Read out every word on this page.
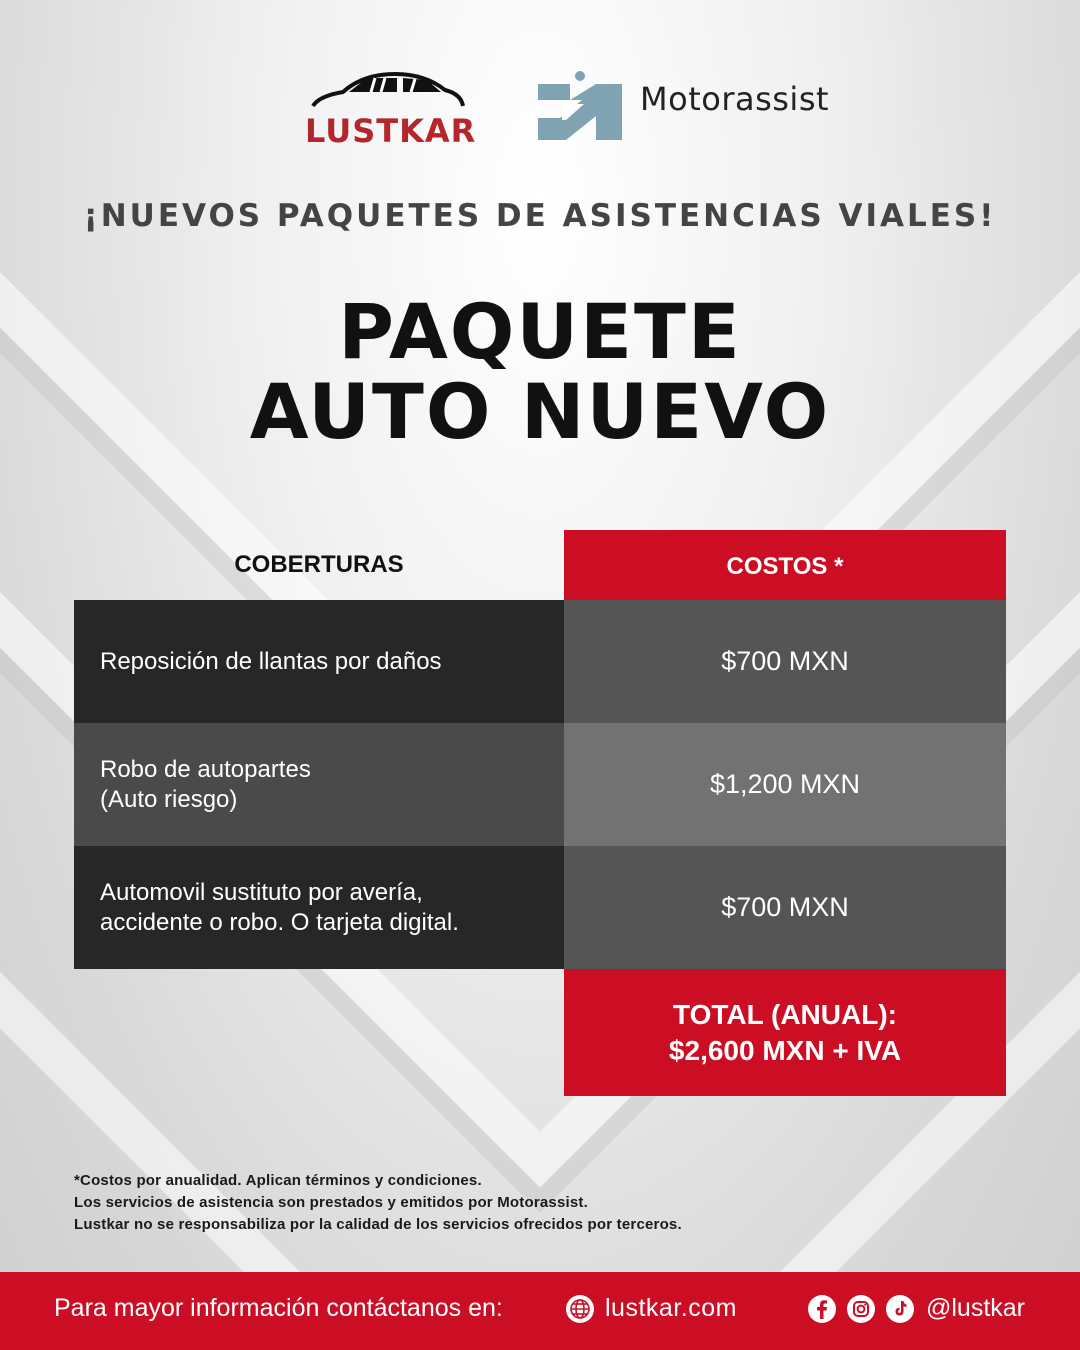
LUSTKAR
Motorassist
¡NUEVOS PAQUETES DE ASISTENCIAS VIALES!
PAQUETE
AUTO NUEVO
COBERTURAS	COSTOS *
Reposición de llantas por daños	$700 MXN
Robo de autopartes
(Auto riesgo)	$1,200 MXN
Automovil sustituto por avería,
accidente o robo. O tarjeta digital.	$700 MXN
TOTAL (ANUAL):
$2,600 MXN + IVA
*Costos por anualidad. Aplican términos y condiciones.
Los servicios de asistencia son prestados y emitidos por Motorassist.
Lustkar no se responsabiliza por la calidad de los servicios ofrecidos por terceros.
Para mayor información contáctanos en:	lustkar.com	@lustkar
